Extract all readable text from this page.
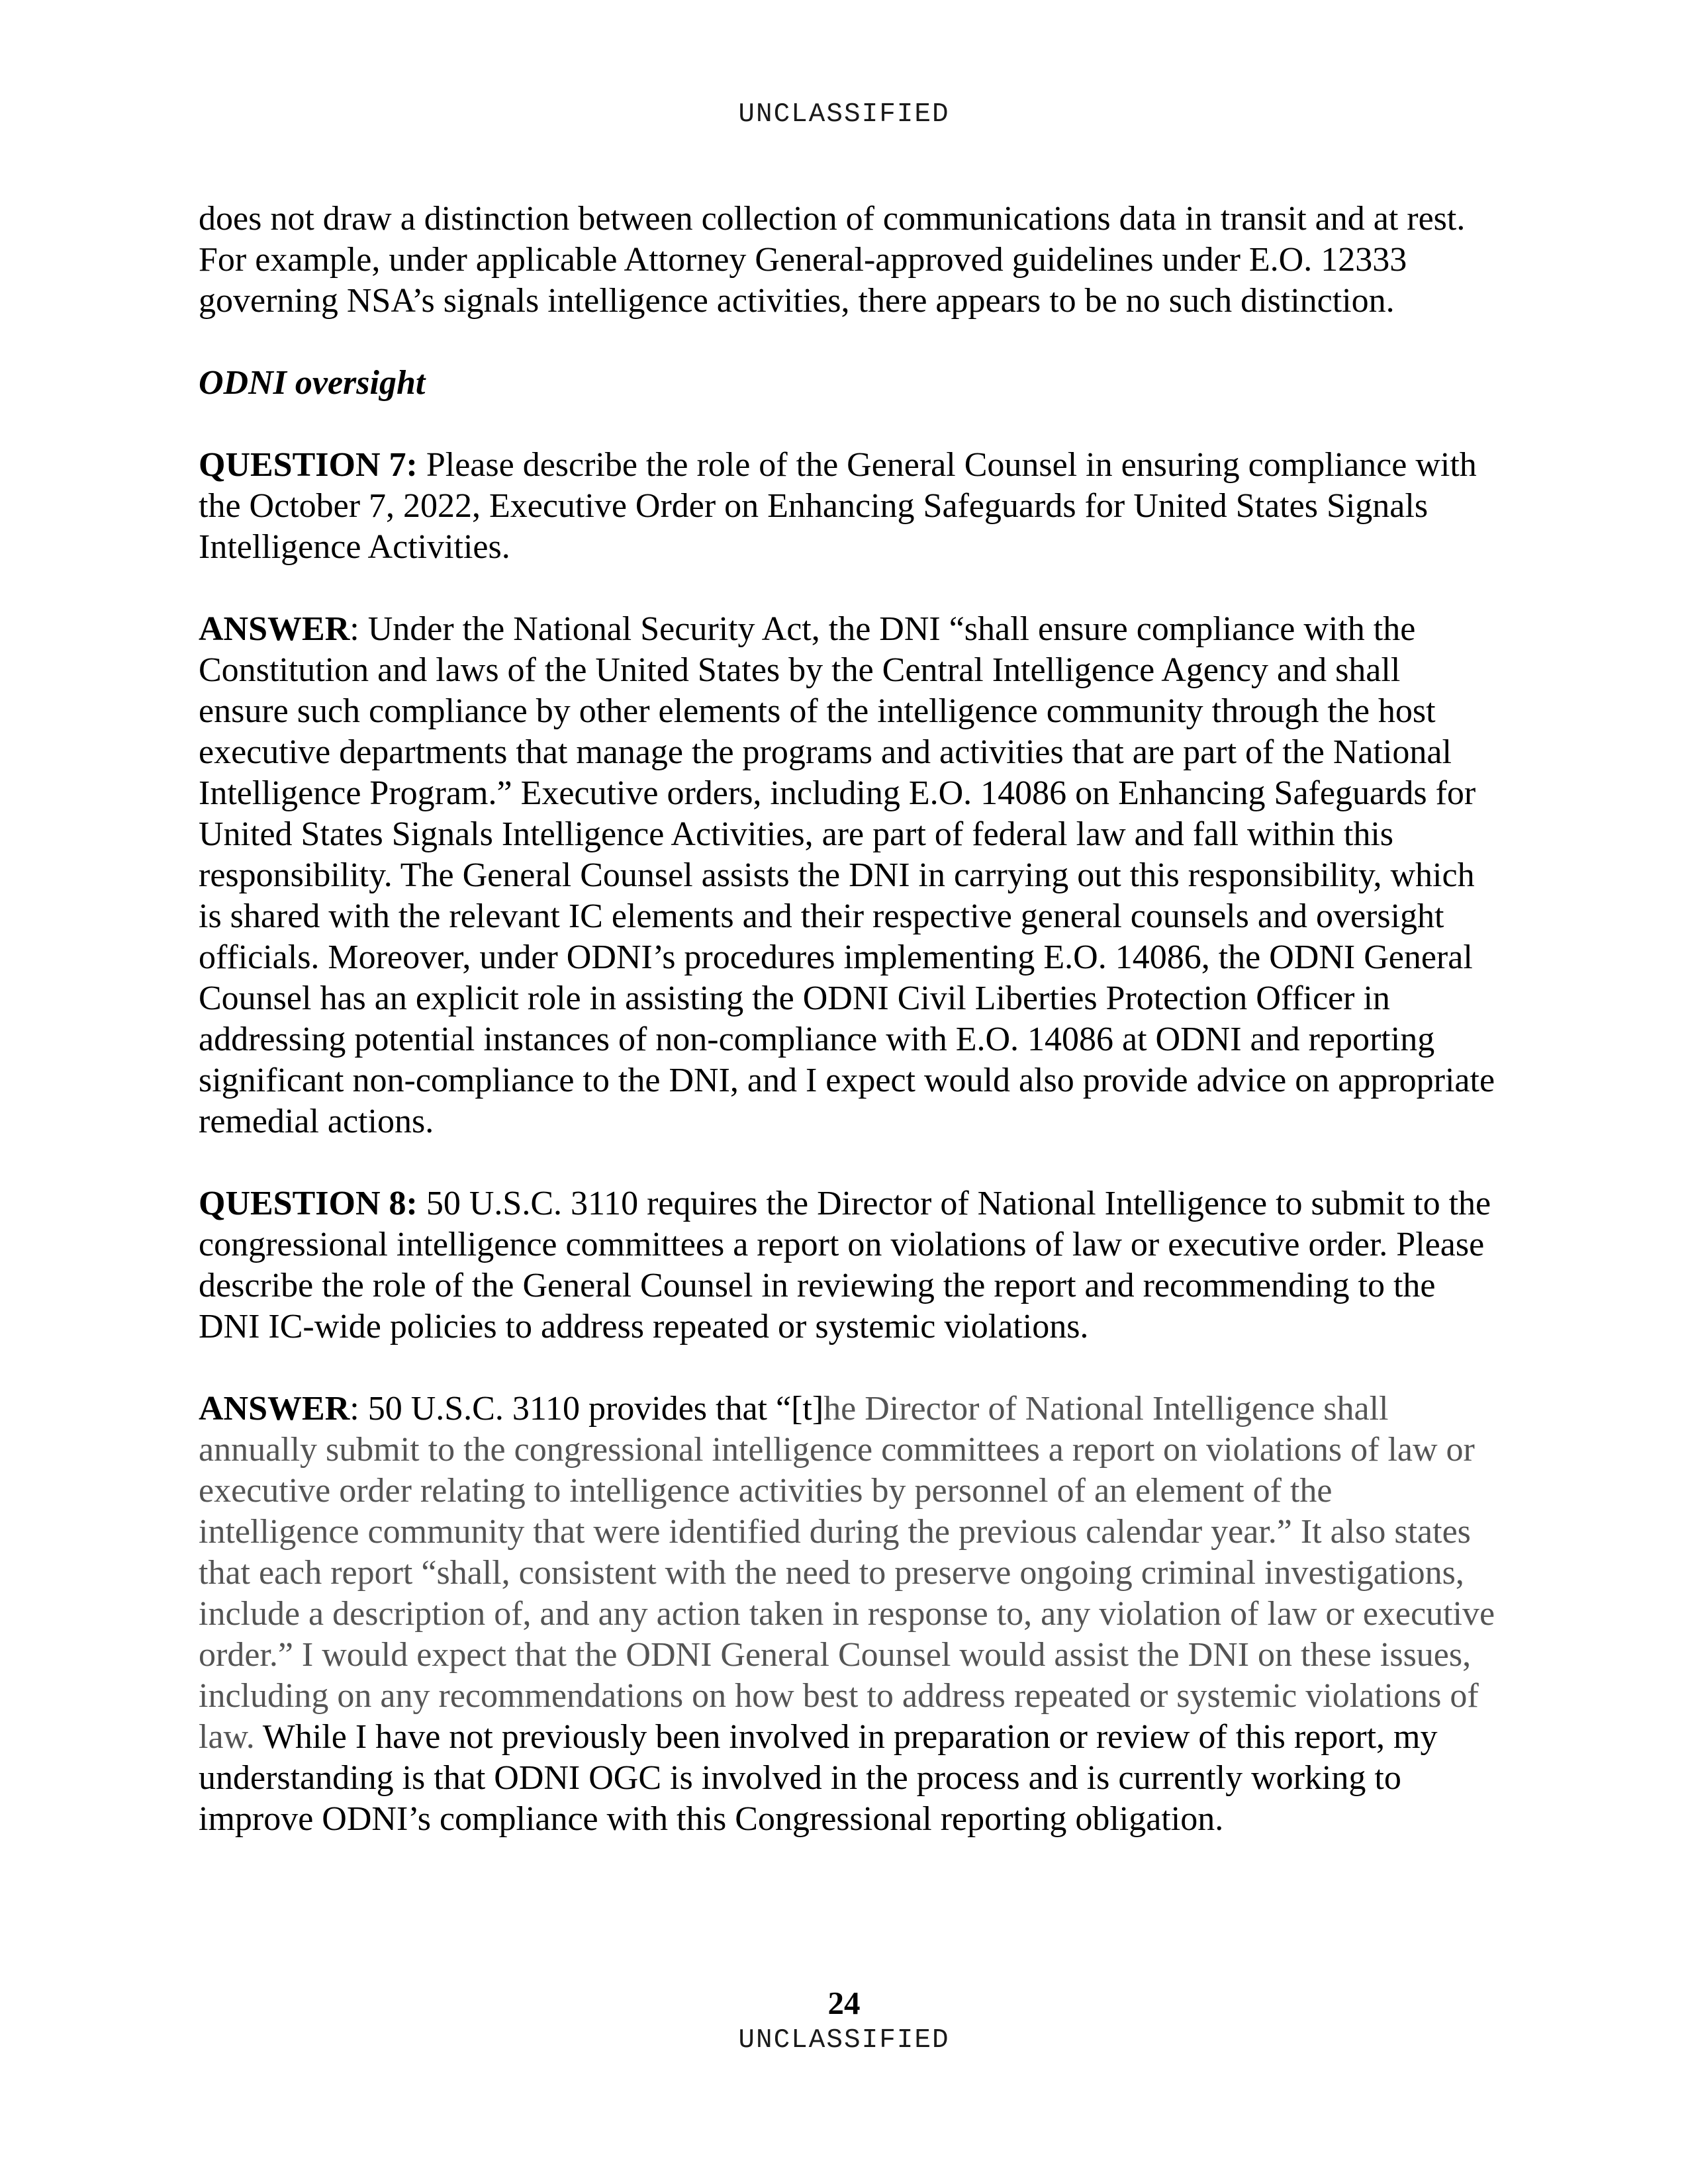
UNCLASSIFIED

does not draw a distinction between collection of communications data in transit and at rest. For example, under applicable Attorney General-approved guidelines under E.O. 12333 governing NSA’s signals intelligence activities, there appears to be no such distinction.

ODNI oversight

QUESTION 7: Please describe the role of the General Counsel in ensuring compliance with the October 7, 2022, Executive Order on Enhancing Safeguards for United States Signals Intelligence Activities.

ANSWER: Under the National Security Act, the DNI “shall ensure compliance with the Constitution and laws of the United States by the Central Intelligence Agency and shall ensure such compliance by other elements of the intelligence community through the host executive departments that manage the programs and activities that are part of the National Intelligence Program.” Executive orders, including E.O. 14086 on Enhancing Safeguards for United States Signals Intelligence Activities, are part of federal law and fall within this responsibility. The General Counsel assists the DNI in carrying out this responsibility, which is shared with the relevant IC elements and their respective general counsels and oversight officials. Moreover, under ODNI’s procedures implementing E.O. 14086, the ODNI General Counsel has an explicit role in assisting the ODNI Civil Liberties Protection Officer in addressing potential instances of non-compliance with E.O. 14086 at ODNI and reporting significant non-compliance to the DNI, and I expect would also provide advice on appropriate remedial actions.

QUESTION 8: 50 U.S.C. 3110 requires the Director of National Intelligence to submit to the congressional intelligence committees a report on violations of law or executive order. Please describe the role of the General Counsel in reviewing the report and recommending to the DNI IC-wide policies to address repeated or systemic violations.

ANSWER: 50 U.S.C. 3110 provides that “[t]he Director of National Intelligence shall annually submit to the congressional intelligence committees a report on violations of law or executive order relating to intelligence activities by personnel of an element of the intelligence community that were identified during the previous calendar year.” It also states that each report “shall, consistent with the need to preserve ongoing criminal investigations, include a description of, and any action taken in response to, any violation of law or executive order.” I would expect that the ODNI General Counsel would assist the DNI on these issues, including on any recommendations on how best to address repeated or systemic violations of law. While I have not previously been involved in preparation or review of this report, my understanding is that ODNI OGC is involved in the process and is currently working to improve ODNI’s compliance with this Congressional reporting obligation.

24
UNCLASSIFIED
